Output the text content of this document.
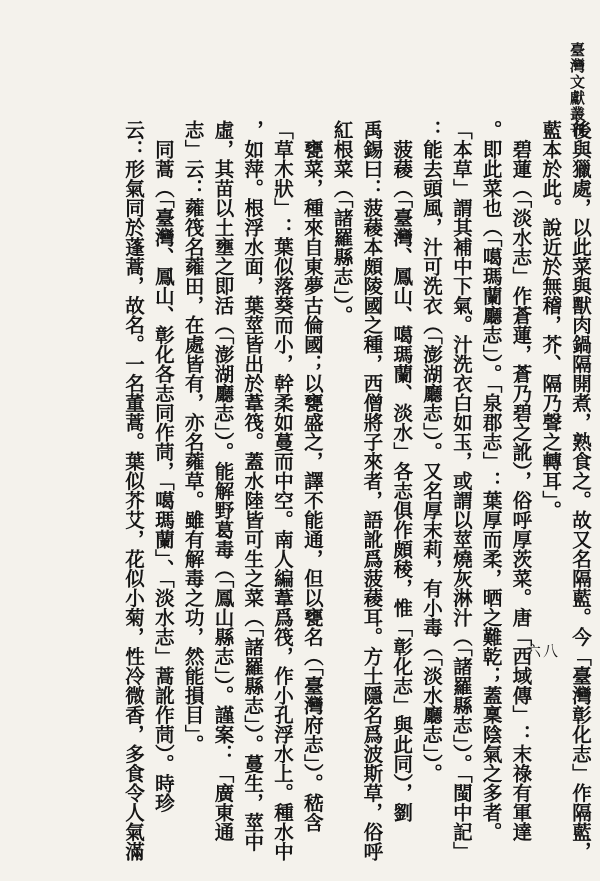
臺灣文獻叢刊
六八 後與獵處，以此菜與獸肉鍋隔開煮，熟食之。故又名隔藍。今「臺灣彰化志」作隔藍，
藍本於此。說近於無稽，芥、隔乃聲之轉耳」。
　碧蓮（「淡水志」作蒼蓮，蒼乃碧之訛），俗呼厚茨菜。唐「西域傳」：末祿有軍達
。即此菜也（「噶瑪蘭廳志」）。「泉郡志」：葉厚而柔，晒之難乾；蓋稟陰氣之多者。
「本草」謂其補中下氣。汁洗衣白如玉，或謂以莖燒灰淋汁（「諸羅縣志」）。「閩中記」
：能去頭風，汁可洗衣（「澎湖廳志」）。又名厚末莉，有小毒（「淡水廳志」）。
　菠薐（「臺灣、鳳山、噶瑪蘭、淡水」各志俱作頗稜，惟「彰化志」與此同），劉
禹錫曰：菠薐本頗陵國之種，西僧將子來者，語訛爲菠薐耳。方士隱名爲波斯草，俗呼
紅根菜（「諸羅縣志」）。
　甕菜，種來自東夢古倫國；以甕盛之，譯不能通，但以甕名（「臺灣府志」）。嵇含
「草木狀」：葉似落葵而小，幹柔如蔓而中空。南人編葦爲筏，作小孔浮水上。種水中
，如萍。根浮水面，葉莖皆出於葦筏。蓋水陸皆可生之菜（「諸羅縣志」）。蔓生，莖中
虛，其苗以土壅之即活（「澎湖廳志」）。能解野葛毒（「鳳山縣志」）。謹案：「廣東通
志」云：蕹筏名蕹田，在處皆有，亦名蕹草。雖有解毒之功，然能損目」。
　同蒿（「臺灣、鳳山、彰化各志同作茼，「噶瑪蘭」、「淡水志」蒿訛作茼）。時珍
云：形氣同於蓬蒿，故名。一名董蒿。葉似芥艾，花似小菊，性冷微香，多食令人氣滿
